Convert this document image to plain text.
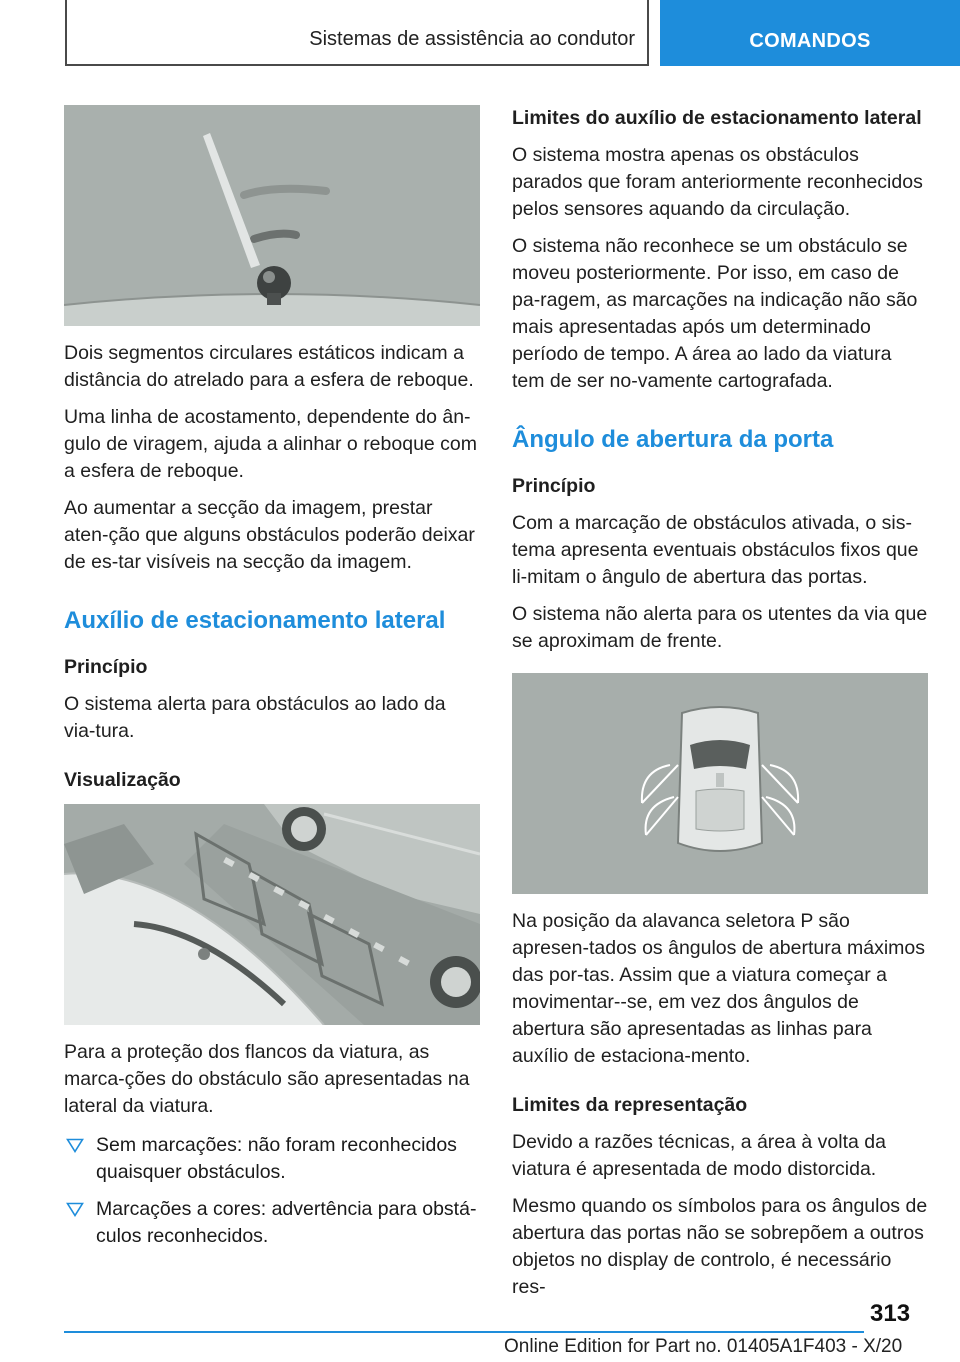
Sistemas de assistência ao condutor	COMANDOS

Dois segmentos circulares estáticos indicam a distância do atrelado para a esfera de reboque.

Uma linha de acostamento, dependente do ân-gulo de viragem, ajuda a alinhar o reboque com a esfera de reboque.

Ao aumentar a secção da imagem, prestar aten-ção que alguns obstáculos poderão deixar de es-tar visíveis na secção da imagem.

Auxílio de estacionamento lateral
Princípio

O sistema alerta para obstáculos ao lado da via-tura.

Visualização

Para a proteção dos flancos da viatura, as marca-ções do obstáculo são apresentadas na lateral da viatura.

Sem marcações: não foram reconhecidos quaisquer obstáculos.
Marcações a cores: advertência para obstá-culos reconhecidos.
Limites do auxílio de estacionamento lateral

O sistema mostra apenas os obstáculos parados que foram anteriormente reconhecidos pelos sensores aquando da circulação.

O sistema não reconhece se um obstáculo se moveu posteriormente. Por isso, em caso de pa-ragem, as marcações na indicação não são mais apresentadas após um determinado período de tempo. A área ao lado da viatura tem de ser no-vamente cartografada.

Ângulo de abertura da porta
Princípio

Com a marcação de obstáculos ativada, o sis-tema apresenta eventuais obstáculos fixos que li-mitam o ângulo de abertura das portas.

O sistema não alerta para os utentes da via que se aproximam de frente.

Na posição da alavanca seletora P são apresen-tados os ângulos de abertura máximos das por-tas. Assim que a viatura começar a movimentar--se, em vez dos ângulos de abertura são apresentadas as linhas para auxílio de estaciona-mento.

Limites da representação

Devido a razões técnicas, a área à volta da viatura é apresentada de modo distorcida.

Mesmo quando os símbolos para os ângulos de abertura das portas não se sobrepõem a outros objetos no display de controlo, é necessário res-

313
Online Edition for Part no. 01405A1F403 - X/20
